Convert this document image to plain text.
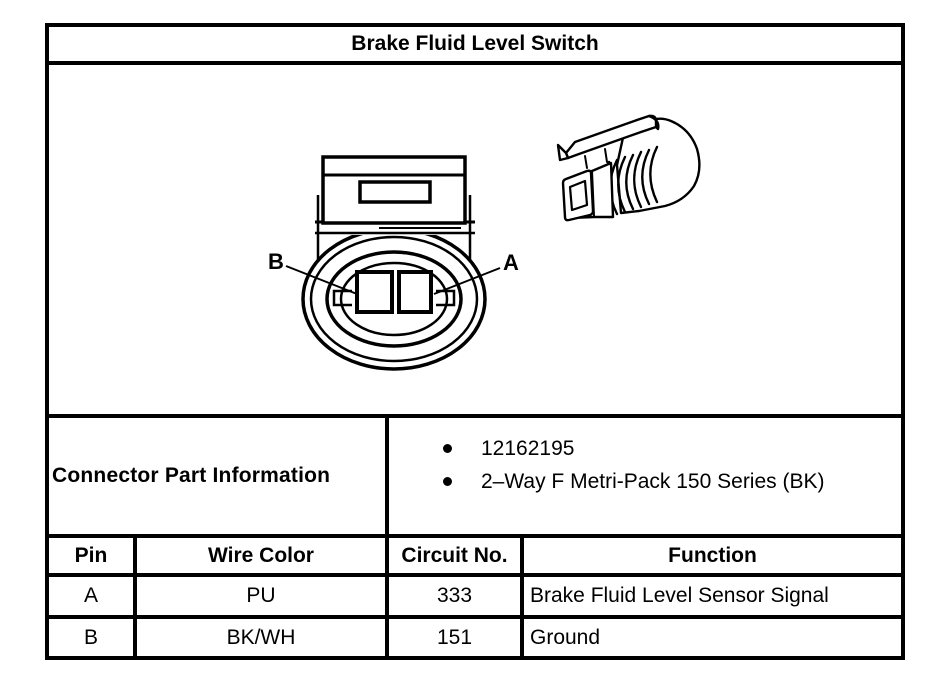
Brake Fluid Level Switch
B	A
Connector Part Information
12162195
2–Way F Metri-Pack 150 Series (BK)
Pin	Wire Color	Circuit No.	Function
A	PU	333	Brake Fluid Level Sensor Signal
B	BK/WH	151	Ground
